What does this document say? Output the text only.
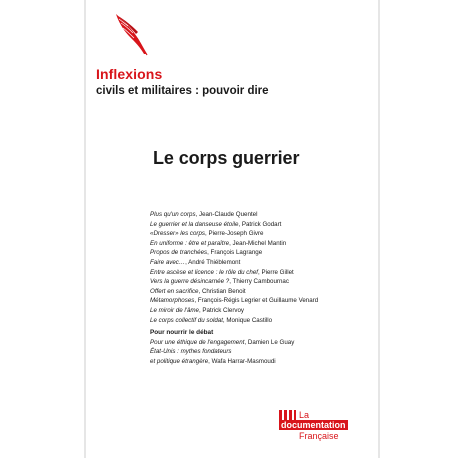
Inflexions

civils et militaires : pouvoir dire

Le corps guerrier
Plus qu'un corps, Jean-Claude Quentel
Le guerrier et la danseuse étoile, Patrick Godart
«Dresser» les corps, Pierre-Joseph Givre
En uniforme : être et paraître, Jean-Michel Mantin
Propos de tranchées, François Lagrange
Faire avec…, André Thiéblemont
Entre ascèse et licence : le rôle du chef, Pierre Gillet
Vers la guerre désincarnée ?, Thierry Cambournac
Offert en sacrifice, Christian Benoit
Métamorphoses, François-Régis Legrier et Guillaume Venard
Le miroir de l'âme, Patrick Clervoy
Le corps collectif du soldat, Monique Castillo
Pour nourrir le débat
Pour une éthique de l'engagement, Damien Le Guay
État-Unis : mythes fondateurs
et politique étrangère, Wafa Harrar-Masmoudi

La

documentation

Française
